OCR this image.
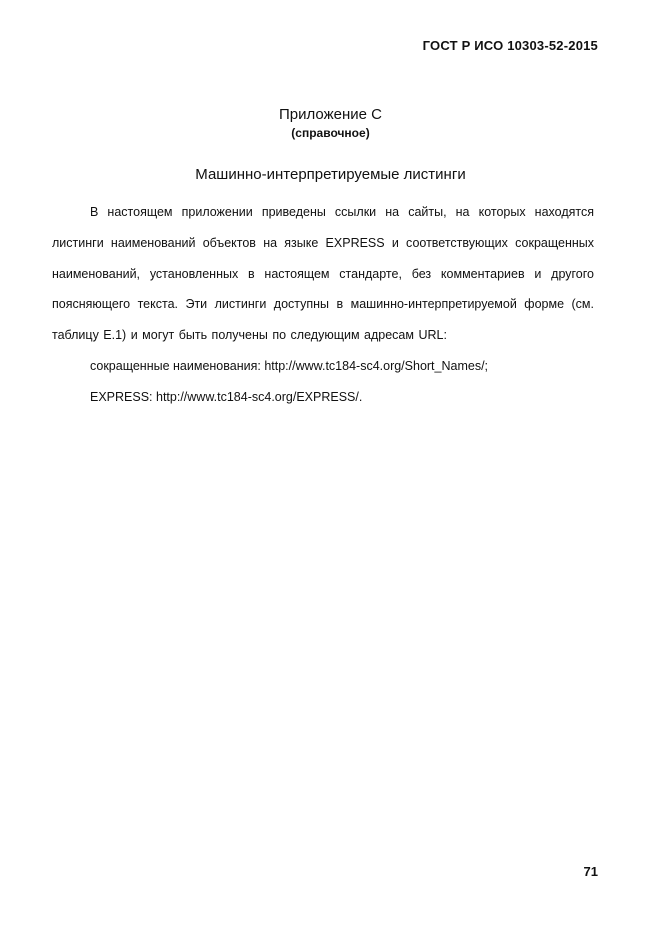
ГОСТ Р ИСО 10303-52-2015
Приложение С
(справочное)
Машинно-интерпретируемые листинги

В настоящем приложении приведены ссылки на сайты, на которых находятся листинги наименований объектов на языке EXPRESS и соответствующих сокращенных наименований, установленных в настоящем стандарте, без комментариев и другого поясняющего текста. Эти листинги доступны в машинно-интерпретируемой форме (см. таблицу Е.1) и могут быть получены по следующим адресам URL:

сокращенные наименования: http://www.tc184-sc4.org/Short_Names/;

EXPRESS: http://www.tc184-sc4.org/EXPRESS/.

71
